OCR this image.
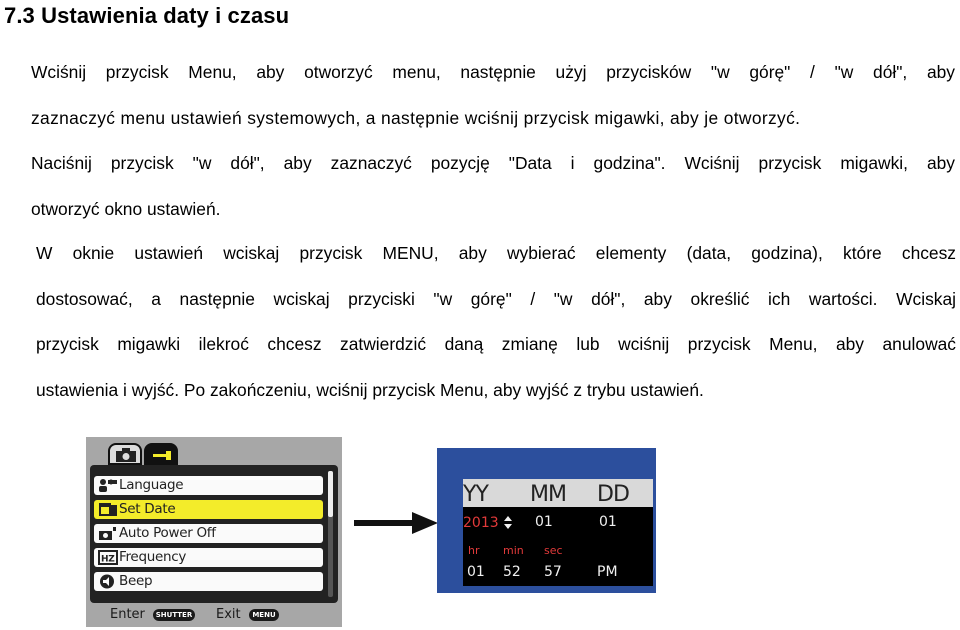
7.3 Ustawienia daty i czasu
Wciśnij przycisk Menu, aby otworzyć menu, następnie użyj przycisków "w górę" / "w dół", aby
zaznaczyć menu ustawień systemowych, a następnie wciśnij przycisk migawki, aby je otworzyć.
Naciśnij przycisk "w dół", aby zaznaczyć pozycję "Data i godzina". Wciśnij przycisk migawki, aby
otworzyć okno ustawień.
W oknie ustawień wciskaj przycisk MENU, aby wybierać elementy (data, godzina), które chcesz
dostosować, a następnie wciskaj przyciski "w górę" / "w dół", aby określić ich wartości. Wciskaj
przycisk migawki ilekroć chcesz zatwierdzić daną zmianę lub wciśnij przycisk Menu, aby anulować
ustawienia i wyjść. Po zakończeniu, wciśnij przycisk Menu, aby wyjść z trybu ustawień.
Language
Set Date
Auto Power Off
HZ Frequency
Beep
Enter	SHUTTER Exit	MENU
YY MM DD
2013	01	01
hr min sec
01 52 57	PM
